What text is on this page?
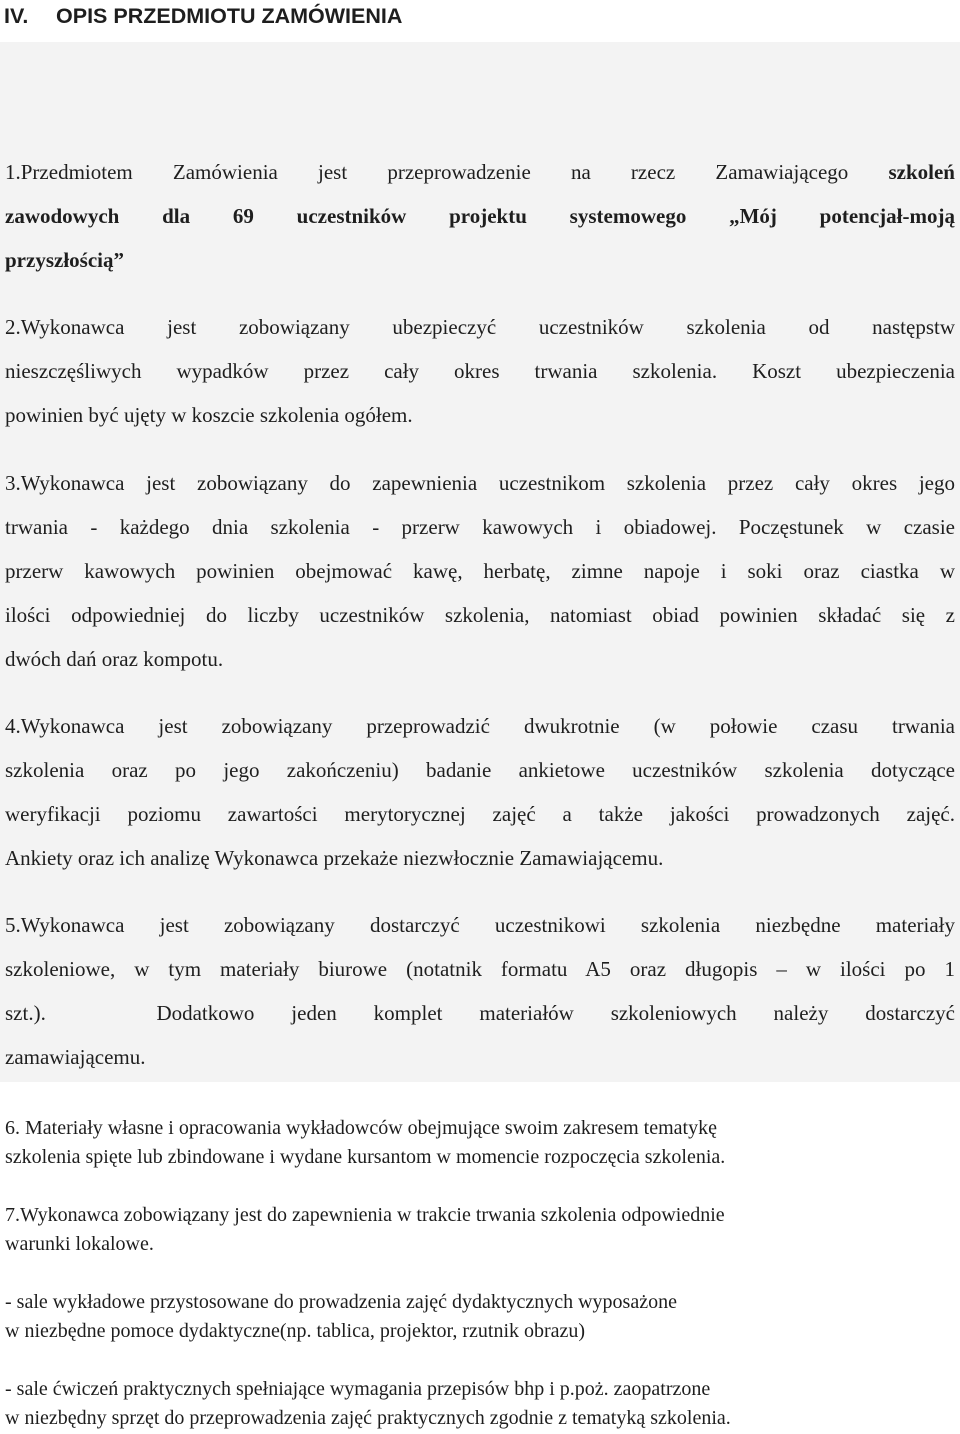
IV. OPIS PRZEDMIOTU ZAMÓWIENIA
1.Przedmiotem Zamówienia jest przeprowadzenie na rzecz Zamawiającego szkoleń
zawodowych dla 69 uczestników projektu systemowego „Mój potencjał-moją
przyszłością”
2.Wykonawca jest zobowiązany ubezpieczyć uczestników szkolenia od następstw
nieszczęśliwych wypadków przez cały okres trwania szkolenia. Koszt ubezpieczenia
powinien być ujęty w koszcie szkolenia ogółem.
3.Wykonawca jest zobowiązany do zapewnienia uczestnikom szkolenia przez cały okres jego
trwania - każdego dnia szkolenia - przerw kawowych i obiadowej. Poczęstunek w czasie
przerw kawowych powinien obejmować kawę, herbatę, zimne napoje i soki oraz ciastka w
ilości odpowiedniej do liczby uczestników szkolenia, natomiast obiad powinien składać się z
dwóch dań oraz kompotu.
4.Wykonawca jest zobowiązany przeprowadzić dwukrotnie (w połowie czasu trwania
szkolenia oraz po jego zakończeniu) badanie ankietowe uczestników szkolenia dotyczące
weryfikacji poziomu zawartości merytorycznej zajęć a także jakości prowadzonych zajęć.
Ankiety oraz ich analizę Wykonawca przekaże niezwłocznie Zamawiającemu.
5.Wykonawca jest zobowiązany dostarczyć uczestnikowi szkolenia niezbędne materiały
szkoleniowe, w tym materiały biurowe (notatnik formatu A5 oraz długopis – w ilości po 1
szt.).   Dodatkowo jeden komplet materiałów szkoleniowych należy dostarczyć
zamawiającemu.
6. Materiały własne i opracowania wykładowców obejmujące swoim zakresem tematykę
szkolenia spięte lub zbindowane i wydane kursantom w momencie rozpoczęcia szkolenia.
7.Wykonawca zobowiązany jest do zapewnienia w trakcie trwania szkolenia odpowiednie
warunki lokalowe.
- sale wykładowe przystosowane do prowadzenia zajęć dydaktycznych wyposażone
w niezbędne pomoce dydaktyczne(np. tablica, projektor, rzutnik obrazu)
- sale ćwiczeń praktycznych spełniające wymagania przepisów bhp i p.poż. zaopatrzone
w niezbędny sprzęt do przeprowadzenia zajęć praktycznych zgodnie z tematyką szkolenia.
